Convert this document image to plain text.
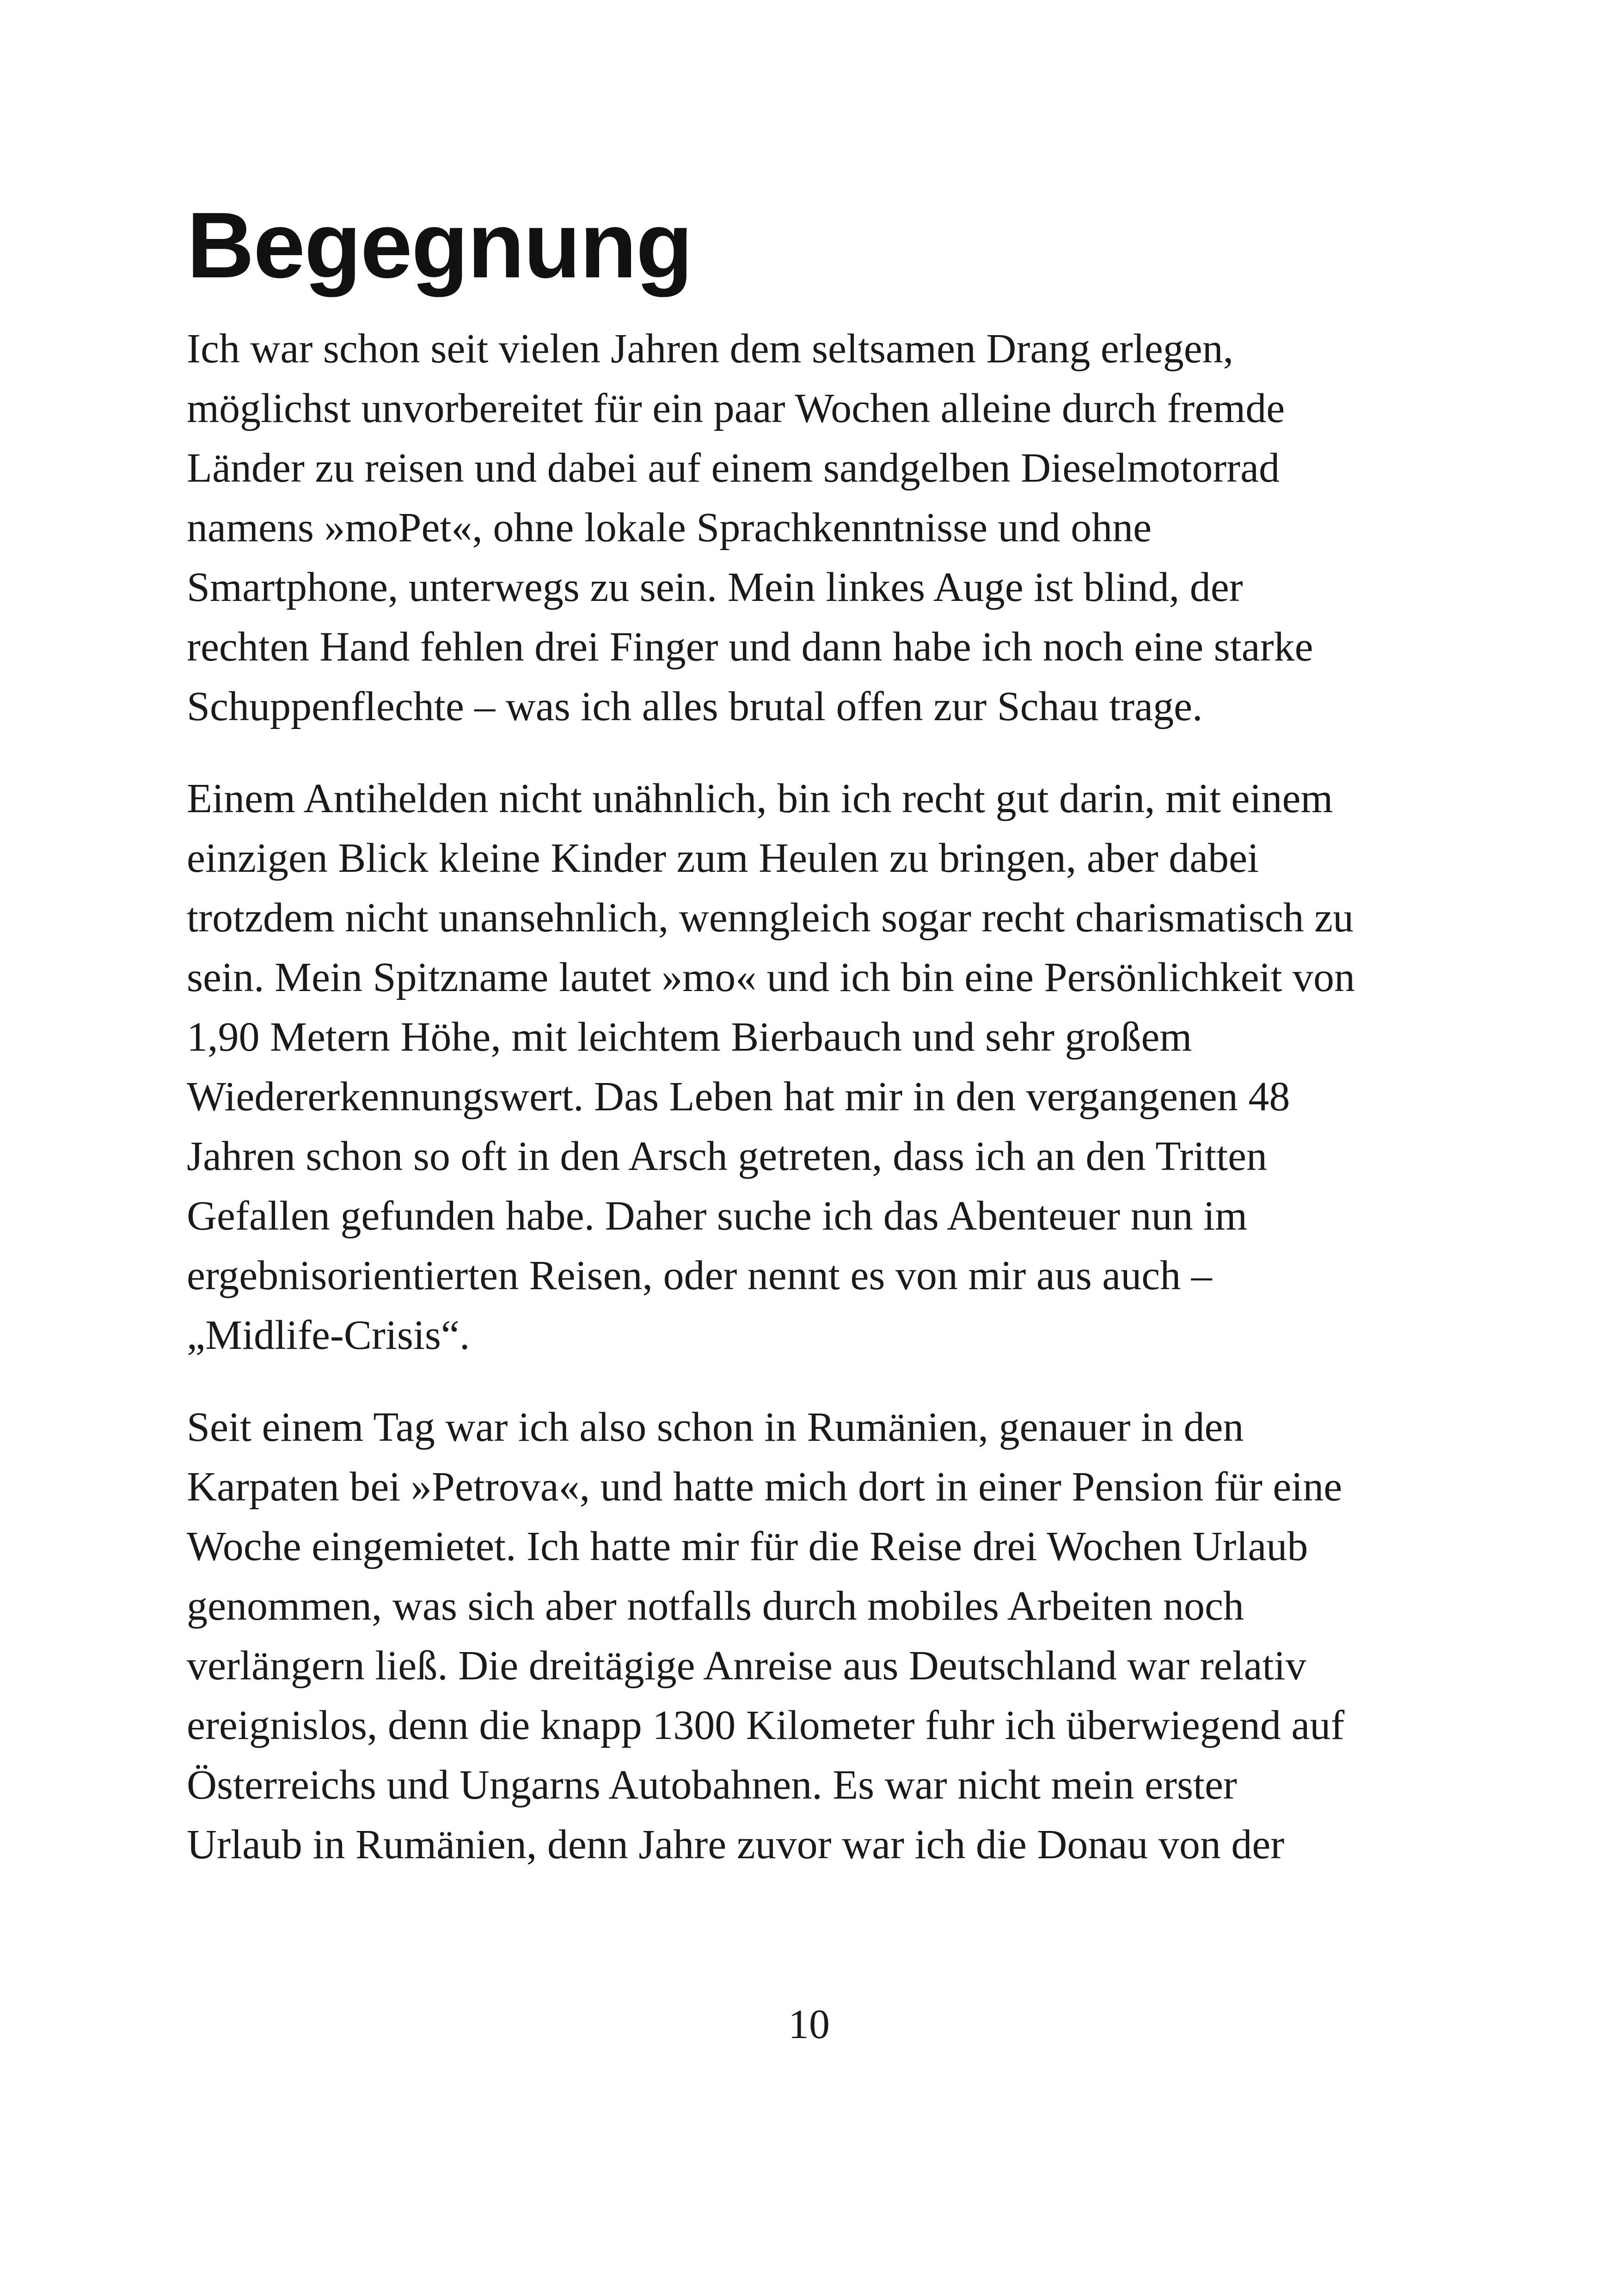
Begegnung

Ich war schon seit vielen Jahren dem seltsamen Drang erlegen,
möglichst unvorbereitet für ein paar Wochen alleine durch fremde
Länder zu reisen und dabei auf einem sandgelben Dieselmotorrad
namens »moPet«, ohne lokale Sprachkenntnisse und ohne
Smartphone, unterwegs zu sein. Mein linkes Auge ist blind, der
rechten Hand fehlen drei Finger und dann habe ich noch eine starke
Schuppenflechte – was ich alles brutal offen zur Schau trage.

Einem Antihelden nicht unähnlich, bin ich recht gut darin, mit einem
einzigen Blick kleine Kinder zum Heulen zu bringen, aber dabei
trotzdem nicht unansehnlich, wenngleich sogar recht charismatisch zu
sein. Mein Spitzname lautet »mo« und ich bin eine Persönlichkeit von
1,90 Metern Höhe, mit leichtem Bierbauch und sehr großem
Wiedererkennungswert. Das Leben hat mir in den vergangenen 48
Jahren schon so oft in den Arsch getreten, dass ich an den Tritten
Gefallen gefunden habe. Daher suche ich das Abenteuer nun im
ergebnisorientierten Reisen, oder nennt es von mir aus auch –
„Midlife-Crisis“.

Seit einem Tag war ich also schon in Rumänien, genauer in den
Karpaten bei »Petrova«, und hatte mich dort in einer Pension für eine
Woche eingemietet. Ich hatte mir für die Reise drei Wochen Urlaub
genommen, was sich aber notfalls durch mobiles Arbeiten noch
verlängern ließ. Die dreitägige Anreise aus Deutschland war relativ
ereignislos, denn die knapp 1300 Kilometer fuhr ich überwiegend auf
Österreichs und Ungarns Autobahnen. Es war nicht mein erster
Urlaub in Rumänien, denn Jahre zuvor war ich die Donau von der

10
